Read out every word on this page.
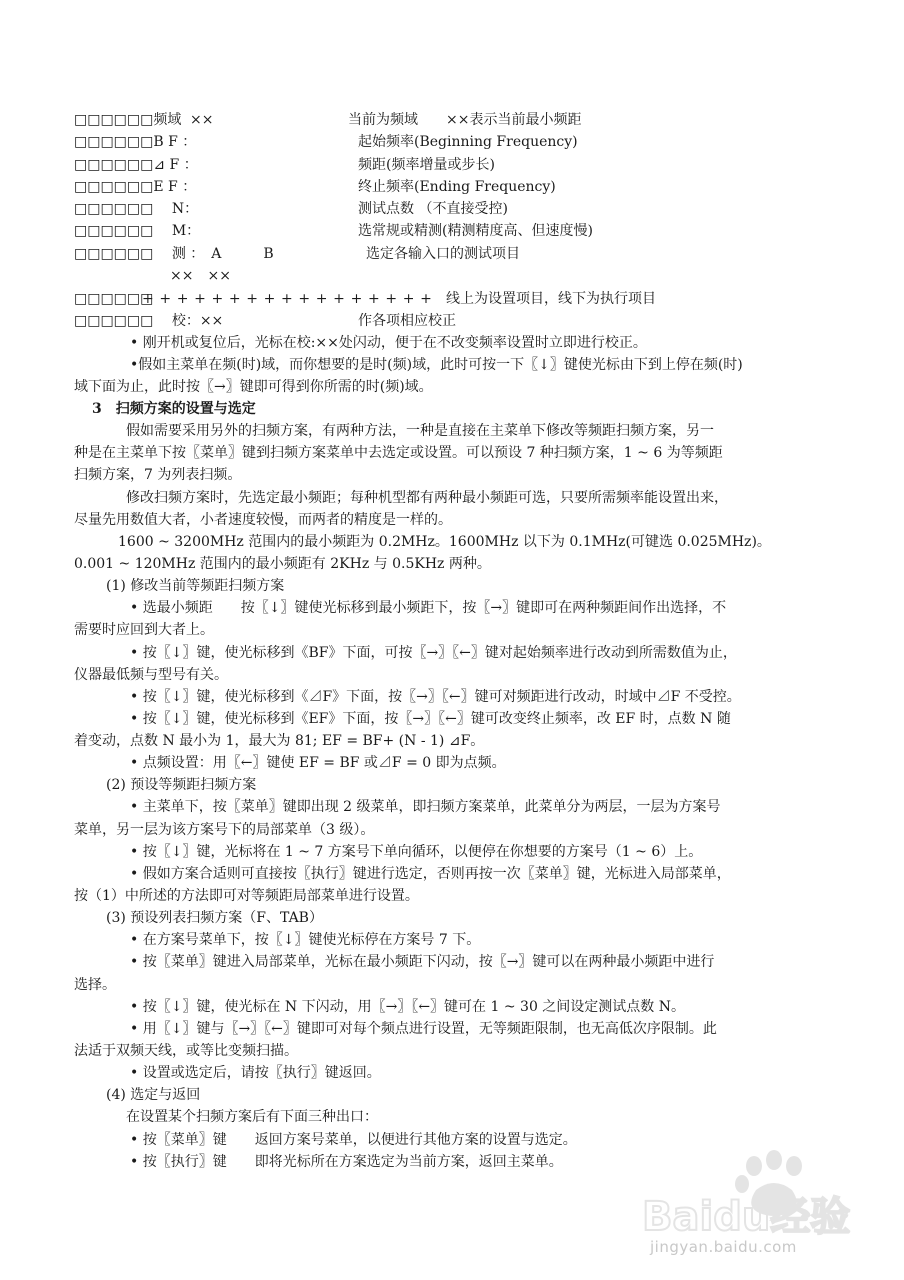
□□□□□□频域 ××	当前为频域　　××表示当前最小频距
□□□□□□B F ：	起始频率(Beginning Frequency)
□□□□□□⊿ F ：	频距(频率增量或步长)
□□□□□□E F ：	终止频率(Ending Frequency)
□□□□□□ 　N：	测试点数 （不直接受控)
□□□□□□ 　M：	选常规或精测(精测精度高、但速度慢)
□□□□□□ 　测 ：　A　　　B	选定各输入口的测试项目
××　××
□□□□□□
+ + + + + + + + + + + + + + + + + 线上为设置项目，线下为执行项目
□□□□□□ 　校：××	作各项相应校正
• 刚开机或复位后，光标在校:××处闪动，便于在不改变频率设置时立即进行校正。
•假如主菜单在频(时)域，而你想要的是时(频)域，此时可按一下〖↓〗键使光标由下到上停在频(时)
域下面为止，此时按〖→〗键即可得到你所需的时(频)域。
3　扫频方案的设置与选定
假如需要采用另外的扫频方案，有两种方法，一种是直接在主菜单下修改等频距扫频方案，另一
种是在主菜单下按〖菜单〗键到扫频方案菜单中去选定或设置。可以预设 7 种扫频方案，1 ~ 6 为等频距
扫频方案，7 为列表扫频。
修改扫频方案时，先选定最小频距；每种机型都有两种最小频距可选，只要所需频率能设置出来，
尽量先用数值大者，小者速度较慢，而两者的精度是一样的。
1600 ~ 3200MHz 范围内的最小频距为 0.2MHz。1600MHz 以下为 0.1MHz(可键选 0.025MHz)。
0.001 ~ 120MHz 范围内的最小频距有 2KHz 与 0.5KHz 两种。
(1) 修改当前等频距扫频方案
• 选最小频距　　按〖↓〗键使光标移到最小频距下，按〖→〗键即可在两种频距间作出选择，不
需要时应回到大者上。
• 按〖↓〗键，使光标移到《BF》下面，可按〖→〗〖←〗键对起始频率进行改动到所需数值为止，
仪器最低频与型号有关。
• 按〖↓〗键，使光标移到《⊿F》下面，按〖→〗〖←〗键可对频距进行改动，时域中⊿F 不受控。
• 按〖↓〗键，使光标移到《EF》下面，按〖→〗〖←〗键可改变终止频率，改 EF 时，点数 N 随
着变动，点数 N 最小为 1，最大为 81; EF = BF+ (N - 1) ⊿F。
• 点频设置：用〖←〗键使 EF = BF 或⊿F = 0 即为点频。
(2) 预设等频距扫频方案
• 主菜单下，按〖菜单〗键即出现 2 级菜单，即扫频方案菜单，此菜单分为两层，一层为方案号
菜单，另一层为该方案号下的局部菜单（3 级）。
• 按〖↓〗键，光标将在 1 ~ 7 方案号下单向循环，以便停在你想要的方案号（1 ~ 6）上。
• 假如方案合适则可直接按〖执行〗键进行选定，否则再按一次〖菜单〗键，光标进入局部菜单，
按（1）中所述的方法即可对等频距局部菜单进行设置。
(3) 预设列表扫频方案（F、TAB）
• 在方案号菜单下，按〖↓〗键使光标停在方案号 7 下。
• 按〖菜单〗键进入局部菜单，光标在最小频距下闪动，按〖→〗键可以在两种最小频距中进行
选择。
• 按〖↓〗键，使光标在 N 下闪动，用〖→〗〖←〗键可在 1 ~ 30 之间设定测试点数 N。
• 用〖↓〗键与〖→〗〖←〗键即可对每个频点进行设置，无等频距限制，也无高低次序限制。此
法适于双频天线，或等比变频扫描。
• 设置或选定后，请按〖执行〗键返回。
(4) 选定与返回
在设置某个扫频方案后有下面三种出口：
• 按〖菜单〗键　　返回方案号菜单，以便进行其他方案的设置与选定。
• 按〖执行〗键　　即将光标所在方案选定为当前方案，返回主菜单。
Baidu经验
jingyan.baidu.com
